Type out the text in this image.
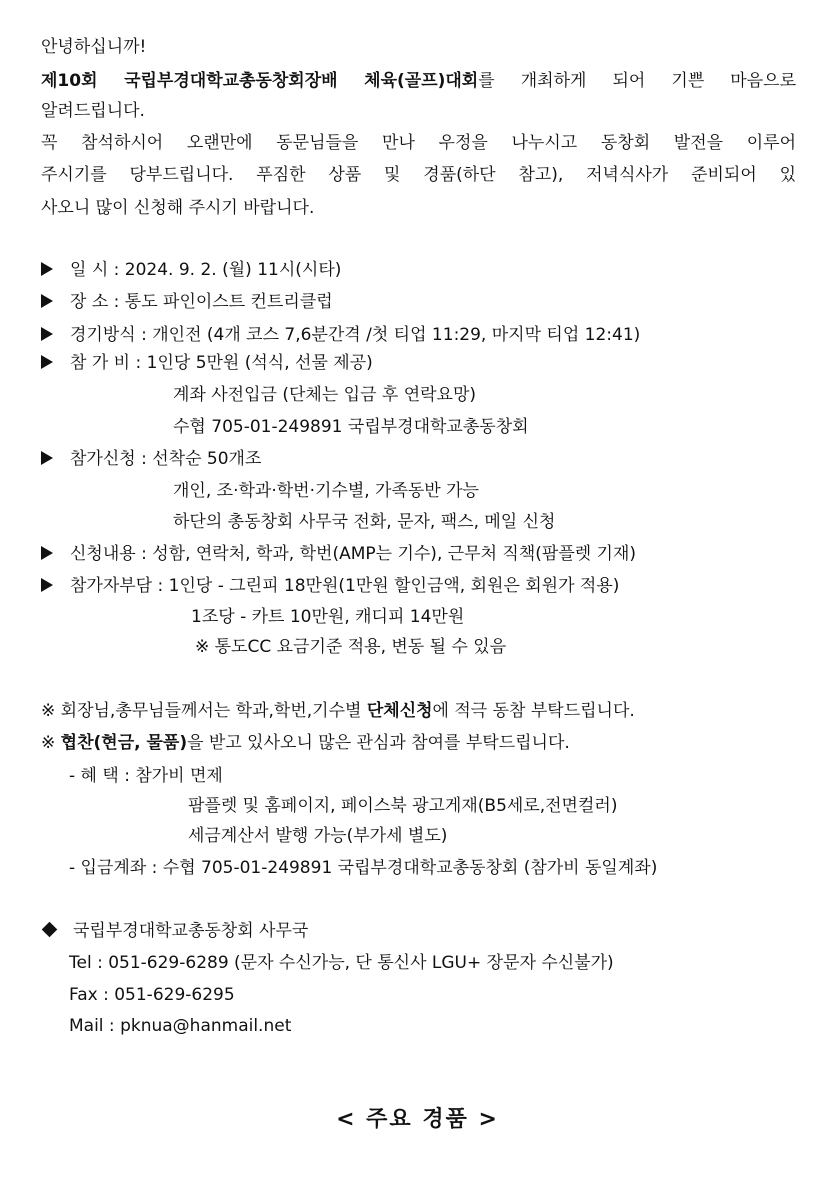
안녕하십니까!
제10회 국립부경대학교총동창회장배 체육(골프)대회를 개최하게 되어 기쁜 마음으로
알려드립니다.
꼭 참석하시어 오랜만에 동문님들을 만나 우정을 나누시고 동창회 발전을 이루어
주시기를 당부드립니다. 푸짐한 상품 및 경품(하단 참고), 저녁식사가 준비되어 있
사오니 많이 신청해 주시기 바랍니다.
일 시 : 2024. 9. 2. (월) 11시(시타)
장 소 : 통도 파인이스트 컨트리클럽
경기방식 : 개인전 (4개 코스 7,6분간격 /첫 티업 11:29, 마지막 티업 12:41)
참 가 비 : 1인당 5만원 (석식, 선물 제공)
계좌 사전입금 (단체는 입금 후 연락요망)
수협 705-01-249891 국립부경대학교총동창회
참가신청 : 선착순 50개조
개인, 조·학과·학번·기수별, 가족동반 가능
하단의 총동창회 사무국 전화, 문자, 팩스, 메일 신청
신청내용 : 성함, 연락처, 학과, 학번(AMP는 기수), 근무처 직책(팜플렛 기재)
참가자부담 : 1인당 - 그린피 18만원(1만원 할인금액, 회원은 회원가 적용)
1조당 - 카트 10만원, 캐디피 14만원
※ 통도CC 요금기준 적용, 변동 될 수 있음
※ 회장님,총무님들께서는 학과,학번,기수별 단체신청에 적극 동참 부탁드립니다.
※ 협찬(현금, 물품)을 받고 있사오니 많은 관심과 참여를 부탁드립니다.
- 혜 택 : 참가비 면제
팜플렛 및 홈페이지, 페이스북 광고게재(B5세로,전면컬러)
세금계산서 발행 가능(부가세 별도)
- 입금계좌 : 수협 705-01-249891 국립부경대학교총동창회 (참가비 동일계좌)
국립부경대학교총동창회 사무국
Tel : 051-629-6289 (문자 수신가능, 단 통신사 LGU+ 장문자 수신불가)
Fax : 051-629-6295
Mail : pknua@hanmail.net
< 주요 경품 >
